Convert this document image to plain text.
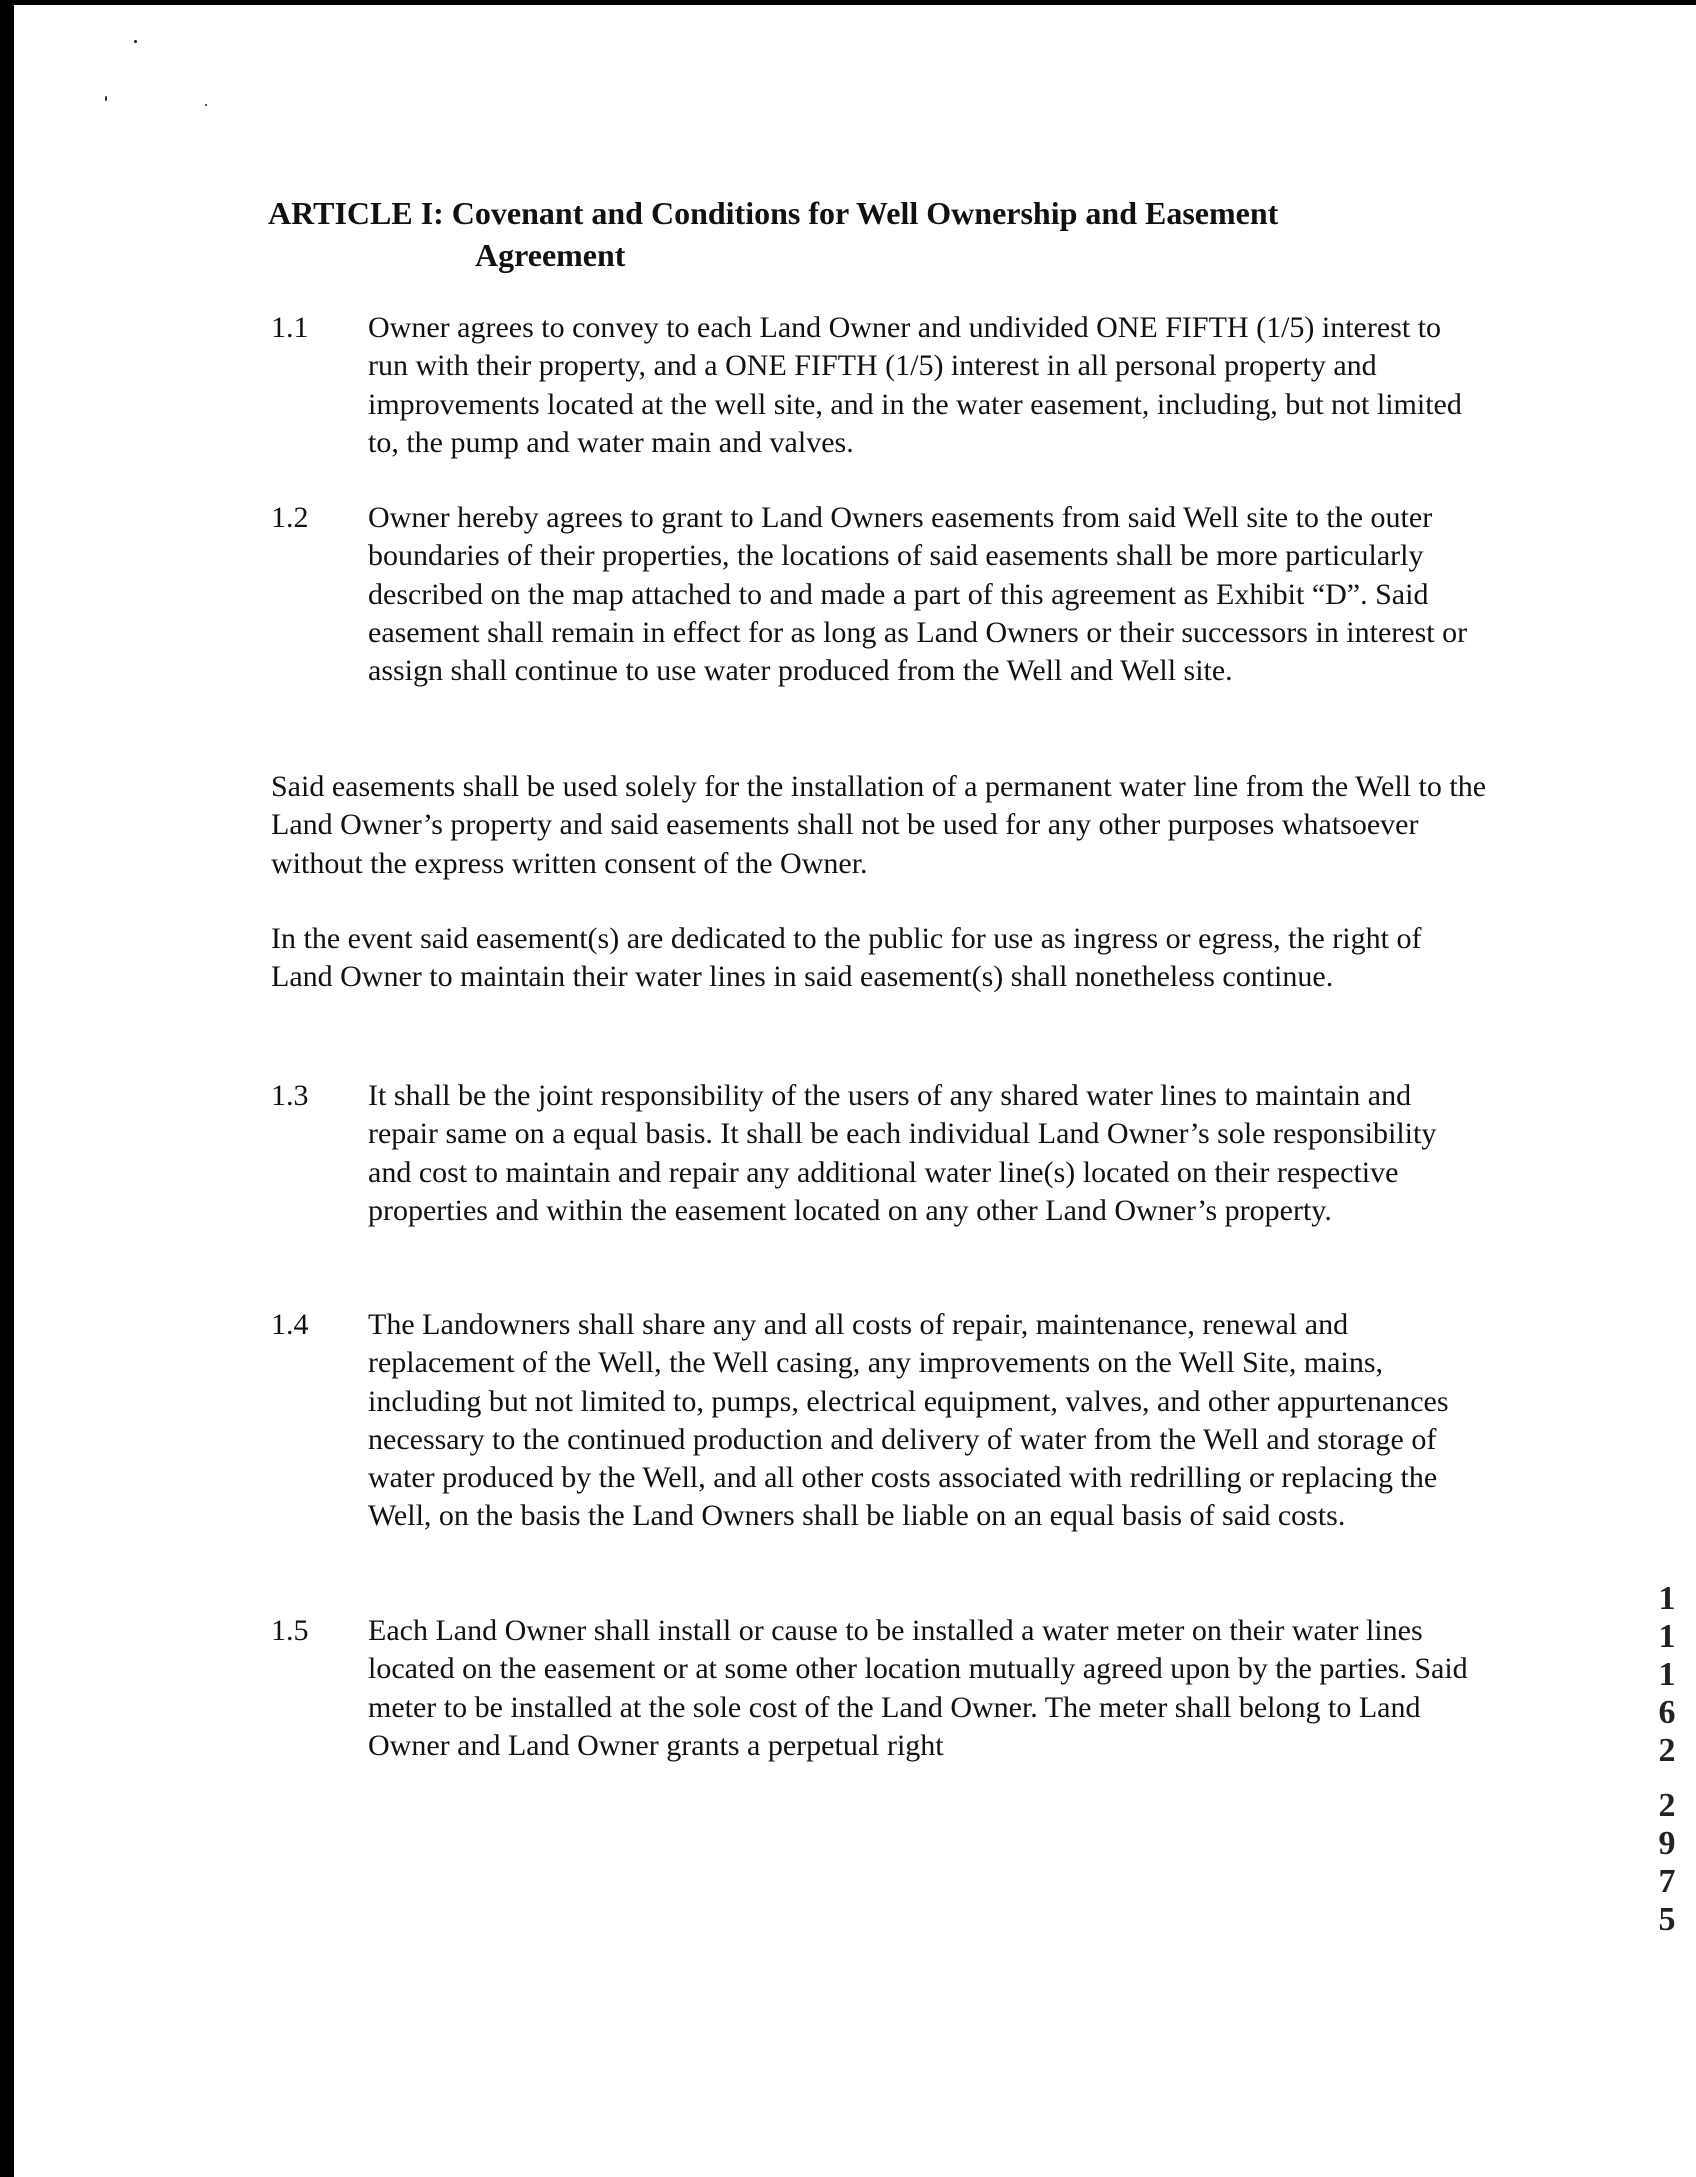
ARTICLE I: Covenant and Conditions for Well Ownership and Easement
Agreement
1.1	Owner agrees to convey to each Land Owner and undivided ONE FIFTH (1/5) interest to run with their property, and a ONE FIFTH (1/5) interest in all personal property and improvements located at the well site, and in the water easement, including, but not limited to, the pump and water main and valves.
1.2	Owner hereby agrees to grant to Land Owners easements from said Well site to the outer boundaries of their properties, the locations of said easements shall be more particularly described on the map attached to and made a part of this agreement as Exhibit “D”. Said easement shall remain in effect for as long as Land Owners or their successors in interest or assign shall continue to use water produced from the Well and Well site.

Said easements shall be used solely for the installation of a permanent water line from the Well to the Land Owner’s property and said easements shall not be used for any other purposes whatsoever without the express written consent of the Owner.

In the event said easement(s) are dedicated to the public for use as ingress or egress, the right of Land Owner to maintain their water lines in said easement(s) shall nonetheless continue.

1.3	It shall be the joint responsibility of the users of any shared water lines to maintain and repair same on a equal basis. It shall be each individual Land Owner’s sole responsibility and cost to maintain and repair any additional water line(s) located on their respective properties and within the easement located on any other Land Owner’s property.
1.4	The Landowners shall share any and all costs of repair, maintenance, renewal and replacement of the Well, the Well casing, any improvements on the Well Site, mains, including but not limited to, pumps, electrical equipment, valves, and other appurtenances necessary to the continued production and delivery of water from the Well and storage of water produced by the Well, and all other costs associated with redrilling or replacing the Well, on the basis the Land Owners shall be liable on an equal basis of said costs.
1.5	Each Land Owner shall install or cause to be installed a water meter on their water lines located on the easement or at some other location mutually agreed upon by the parties. Said meter to be installed at the sole cost of the Land Owner. The meter shall belong to Land Owner and Land Owner grants a perpetual right
1
1
1
6
2
2
9
7
5
